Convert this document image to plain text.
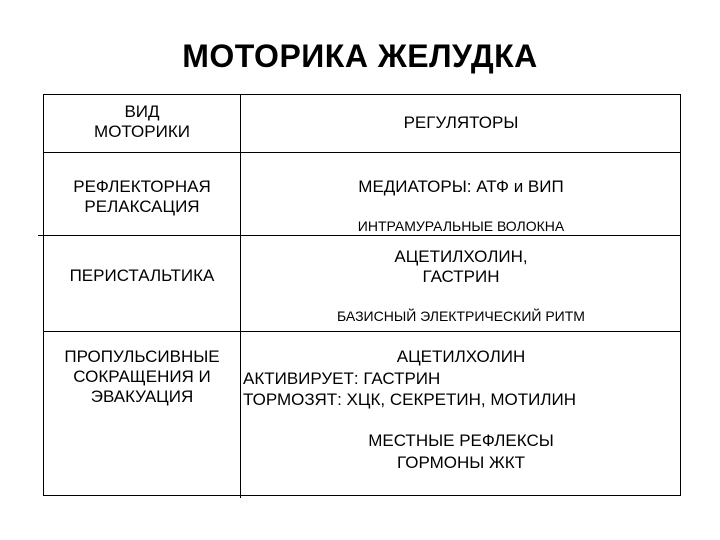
МОТОРИКА ЖЕЛУДКА
ВИД
МОТОРИКИ	РЕГУЛЯТОРЫ
РЕФЛЕКТОРНАЯ
РЕЛАКСАЦИЯ
МЕДИАТОРЫ: АТФ и ВИП
ИНТРАМУРАЛЬНЫЕ ВОЛОКНА
ПЕРИСТАЛЬТИКА
АЦЕТИЛХОЛИН,
ГАСТРИН
БАЗИСНЫЙ ЭЛЕКТРИЧЕСКИЙ РИТМ
ПРОПУЛЬСИВНЫЕ
СОКРАЩЕНИЯ И
ЭВАКУАЦИЯ
АЦЕТИЛХОЛИН
АКТИВИРУЕТ: ГАСТРИН
ТОРМОЗЯТ: ХЦК, СЕКРЕТИН, МОТИЛИН
МЕСТНЫЕ РЕФЛЕКСЫ
ГОРМОНЫ ЖКТ
